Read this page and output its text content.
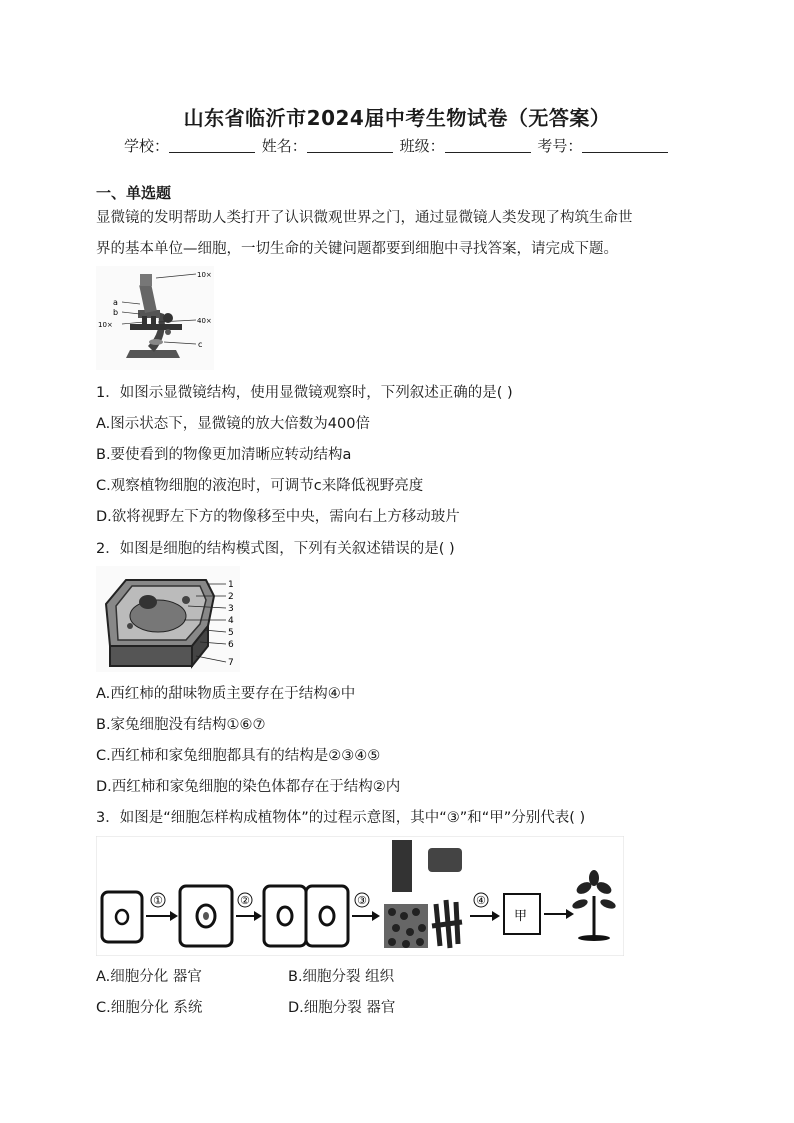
山东省临沂市2024届中考生物试卷（无答案）
学校：	姓名：	班级：	考号：
一、单选题
显微镜的发明帮助人类打开了认识微观世界之门，通过显微镜人类发现了构筑生命世
界的基本单位—细胞，一切生命的关键问题都要到细胞中寻找答案，请完成下题。
10×
a
b
10×	40×
c
1．如图示显微镜结构，使用显微镜观察时，下列叙述正确的是( )
A.图示状态下，显微镜的放大倍数为400倍
B.要使看到的物像更加清晰应转动结构a
C.观察植物细胞的液泡时，可调节c来降低视野亮度
D.欲将视野左下方的物像移至中央，需向右上方移动玻片
2．如图是细胞的结构模式图，下列有关叙述错误的是( )
1
2
3
4
5
6
7
A.西红柿的甜味物质主要存在于结构④中
B.家兔细胞没有结构①⑥⑦
C.西红柿和家兔细胞都具有的结构是②③④⑤
D.西红柿和家兔细胞的染色体都存在于结构②内
3．如图是“细胞怎样构成植物体”的过程示意图，其中“③”和“甲”分别代表( )
①	②	③	④
甲
A.细胞分化 器官	B.细胞分裂 组织
C.细胞分化 系统	D.细胞分裂 器官
